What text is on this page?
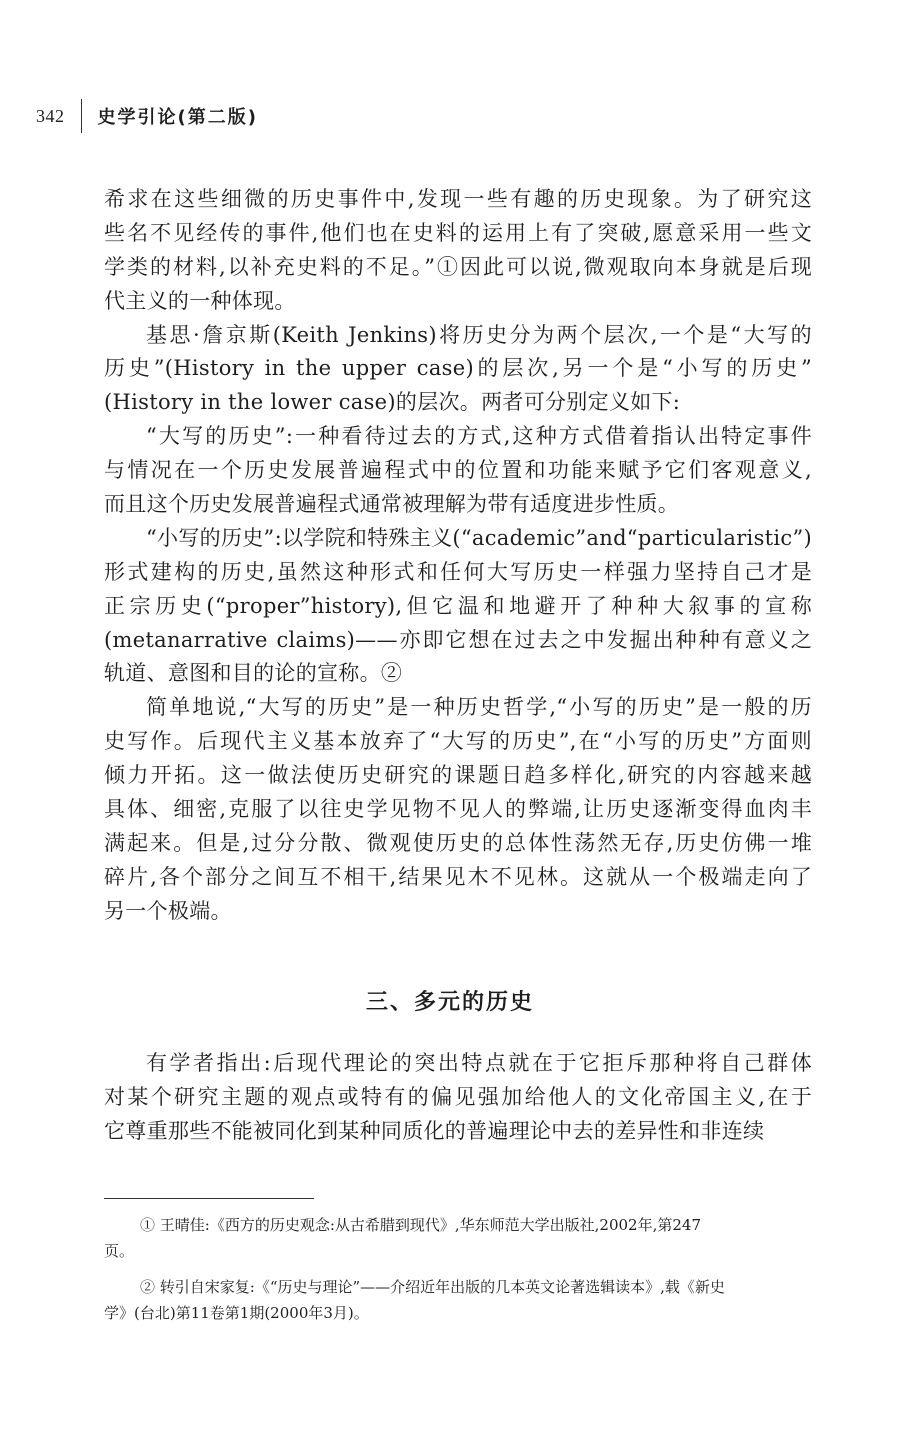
342 史学引论(第二版)
希求在这些细微的历史事件中,发现一些有趣的历史现象。为了研究这
些名不见经传的事件,他们也在史料的运用上有了突破,愿意采用一些文
学类的材料,以补充史料的不足。”①因此可以说,微观取向本身就是后现
代主义的一种体现。
基思·詹京斯(Keith Jenkins)将历史分为两个层次,一个是“大写的
历史”(History in the upper case)的层次,另一个是“小写的历史”
(History in the lower case)的层次。两者可分别定义如下:
“大写的历史”:一种看待过去的方式,这种方式借着指认出特定事件
与情况在一个历史发展普遍程式中的位置和功能来赋予它们客观意义,
而且这个历史发展普遍程式通常被理解为带有适度进步性质。
“小写的历史”:以学院和特殊主义(“academic”and“particularistic”)
形式建构的历史,虽然这种形式和任何大写历史一样强力坚持自己才是
正宗历史(“proper”history),但它温和地避开了种种大叙事的宣称
(metanarrative claims)——亦即它想在过去之中发掘出种种有意义之
轨道、意图和目的论的宣称。②
简单地说,“大写的历史”是一种历史哲学,“小写的历史”是一般的历
史写作。后现代主义基本放弃了“大写的历史”,在“小写的历史”方面则
倾力开拓。这一做法使历史研究的课题日趋多样化,研究的内容越来越
具体、细密,克服了以往史学见物不见人的弊端,让历史逐渐变得血肉丰
满起来。但是,过分分散、微观使历史的总体性荡然无存,历史仿佛一堆
碎片,各个部分之间互不相干,结果见木不见林。这就从一个极端走向了
另一个极端。
三、多元的历史
有学者指出:后现代理论的突出特点就在于它拒斥那种将自己群体
对某个研究主题的观点或特有的偏见强加给他人的文化帝国主义,在于
它尊重那些不能被同化到某种同质化的普遍理论中去的差异性和非连续
① 王晴佳:《西方的历史观念:从古希腊到现代》,华东师范大学出版社,2002年,第247
页。
② 转引自宋家复:《“历史与理论”——介绍近年出版的几本英文论著选辑读本》,载《新史
学》(台北)第11卷第1期(2000年3月)。
